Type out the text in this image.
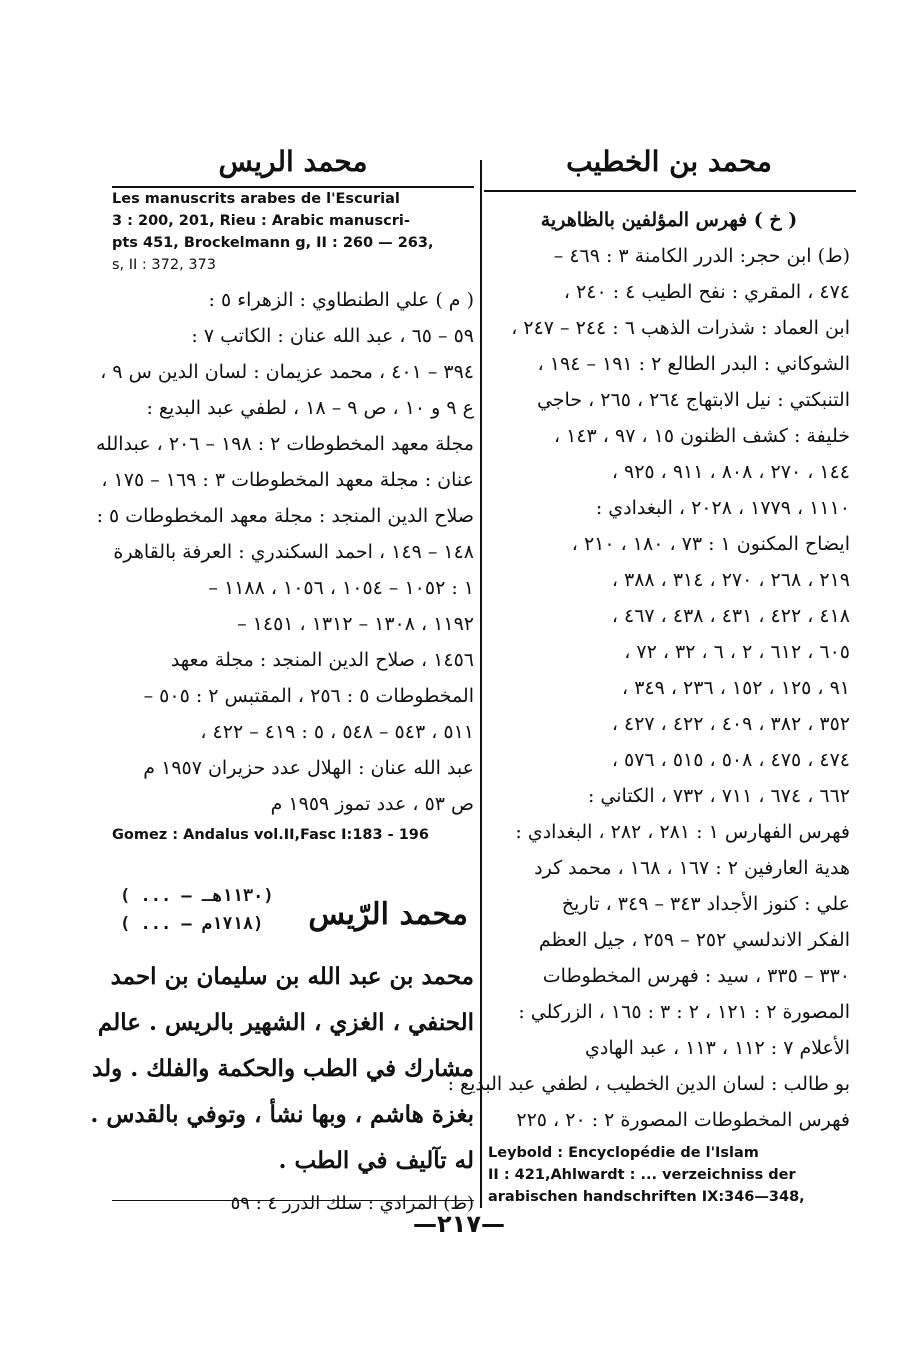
محمد بن الخطيب
( خ ) فهرس المؤلفين بالظاهرية
(ط) ابن حجر: الدرر الكامنة ٣ : ٤٦٩ –
٤٧٤ ، المقري : نفح الطيب ٤ : ٢٤٠ ،
ابن العماد : شذرات الذهب ٦ : ٢٤٤ – ٢٤٧ ،
الشوكاني : البدر الطالع ٢ : ١٩١ – ١٩٤ ،
التنبكتي : نيل الابتهاج ٢٦٤ ، ٢٦٥ ، حاجي
خليفة : كشف الظنون ١٥ ، ٩٧ ، ١٤٣ ،
١٤٤ ، ٢٧٠ ، ٨٠٨ ، ٩١١ ، ٩٢٥ ،
١١١٠ ، ١٧٧٩ ، ٢٠٢٨ ، البغدادي :
ايضاح المكنون ١ : ٧٣ ، ١٨٠ ، ٢١٠ ،
٢١٩ ، ٢٦٨ ، ٢٧٠ ، ٣١٤ ، ٣٨٨ ،
٤١٨ ، ٤٢٢ ، ٤٣١ ، ٤٣٨ ، ٤٦٧ ،
٦٠٥ ، ٦١٢ ، ٢ ، ٦ ، ٣٢ ، ٧٢ ،
٩١ ، ١٢٥ ، ١٥٢ ، ٢٣٦ ، ٣٤٩ ،
٣٥٢ ، ٣٨٢ ، ٤٠٩ ، ٤٢٢ ، ٤٢٧ ،
٤٧٤ ، ٤٧٥ ، ٥٠٨ ، ٥١٥ ، ٥٧٦ ،
٦٦٢ ، ٦٧٤ ، ٧١١ ، ٧٣٢ ، الكتاني :
فهرس الفهارس ١ : ٢٨١ ، ٢٨٢ ، البغدادي :
هدية العارفين ٢ : ١٦٧ ، ١٦٨ ، محمد كرد
علي : كنوز الأجداد ٣٤٣ – ٣٤٩ ، تاريخ
الفكر الاندلسي ٢٥٢ – ٢٥٩ ، جيل العظم
٣٣٠ – ٣٣٥ ، سيد : فهرس المخطوطات
المصورة ٢ : ١٢١ ، ٢ : ٣ : ١٦٥ ، الزركلي :
الأعلام ٧ : ١١٢ ، ١١٣ ، عبد الهادي
بو طالب : لسان الدين الخطيب ، لطفي عبد البديع :
فهرس المخطوطات المصورة ٢ : ٢٠ ، ٢٢٥
Leybold : Encyclopédie de l'Islam
II : 421,Ahlwardt : ... verzeichniss der
arabischen handschriften IX:346—348,
محمد الريس
Les manuscrits arabes de l'Escurial
3 : 200, 201, Rieu : Arabic manuscri-
pts 451, Brockelmann g, II : 260 — 263,
s, II : 372, 373
( م ) علي الطنطاوي : الزهراء ٥ :
٥٩ – ٦٥ ، عبد الله عنان : الكاتب ٧ :
٣٩٤ – ٤٠١ ، محمد عزيمان : لسان الدين س ٩ ،
ع ٩ و ١٠ ، ص ٩ – ١٨ ، لطفي عبد البديع :
مجلة معهد المخطوطات ٢ : ١٩٨ – ٢٠٦ ، عبدالله
عنان : مجلة معهد المخطوطات ٣ : ١٦٩ – ١٧٥ ،
صلاح الدين المنجد : مجلة معهد المخطوطات ٥ :
١٤٨ – ١٤٩ ، احمد السكندري : العرفة بالقاهرة
١ : ١٠٥٢ – ١٠٥٤ ، ١٠٥٦ ، ١١٨٨ –
١١٩٢ ، ١٣٠٨ – ١٣١٢ ، ١٤٥١ –
١٤٥٦ ، صلاح الدين المنجد : مجلة معهد
المخطوطات ٥ : ٢٥٦ ، المقتبس ٢ : ٥٠٥ –
٥١١ ، ٥٤٣ – ٥٤٨ ، ٥ : ٤١٩ – ٤٢٢ ،
عبد الله عنان : الهلال عدد حزيران ١٩٥٧ م
ص ٥٣ ، عدد تموز ١٩٥٩ م
Gomez : Andalus vol.II,Fasc I:183 - 196
محمد الرّيس
( ... — ١١٣٠هـ)
( ... — ١٧١٨م)
محمد بن عبد الله بن سليمان بن احمد
الحنفي ، الغزي ، الشهير بالريس . عالم
مشارك في الطب والحكمة والفلك . ولد
بغزة هاشم ، وبها نشأ ، وتوفي بالقدس .
له تآليف في الطب .
(ط) المرادي : سلك الدرر ٤ : ٥٩
—٢١٧—
